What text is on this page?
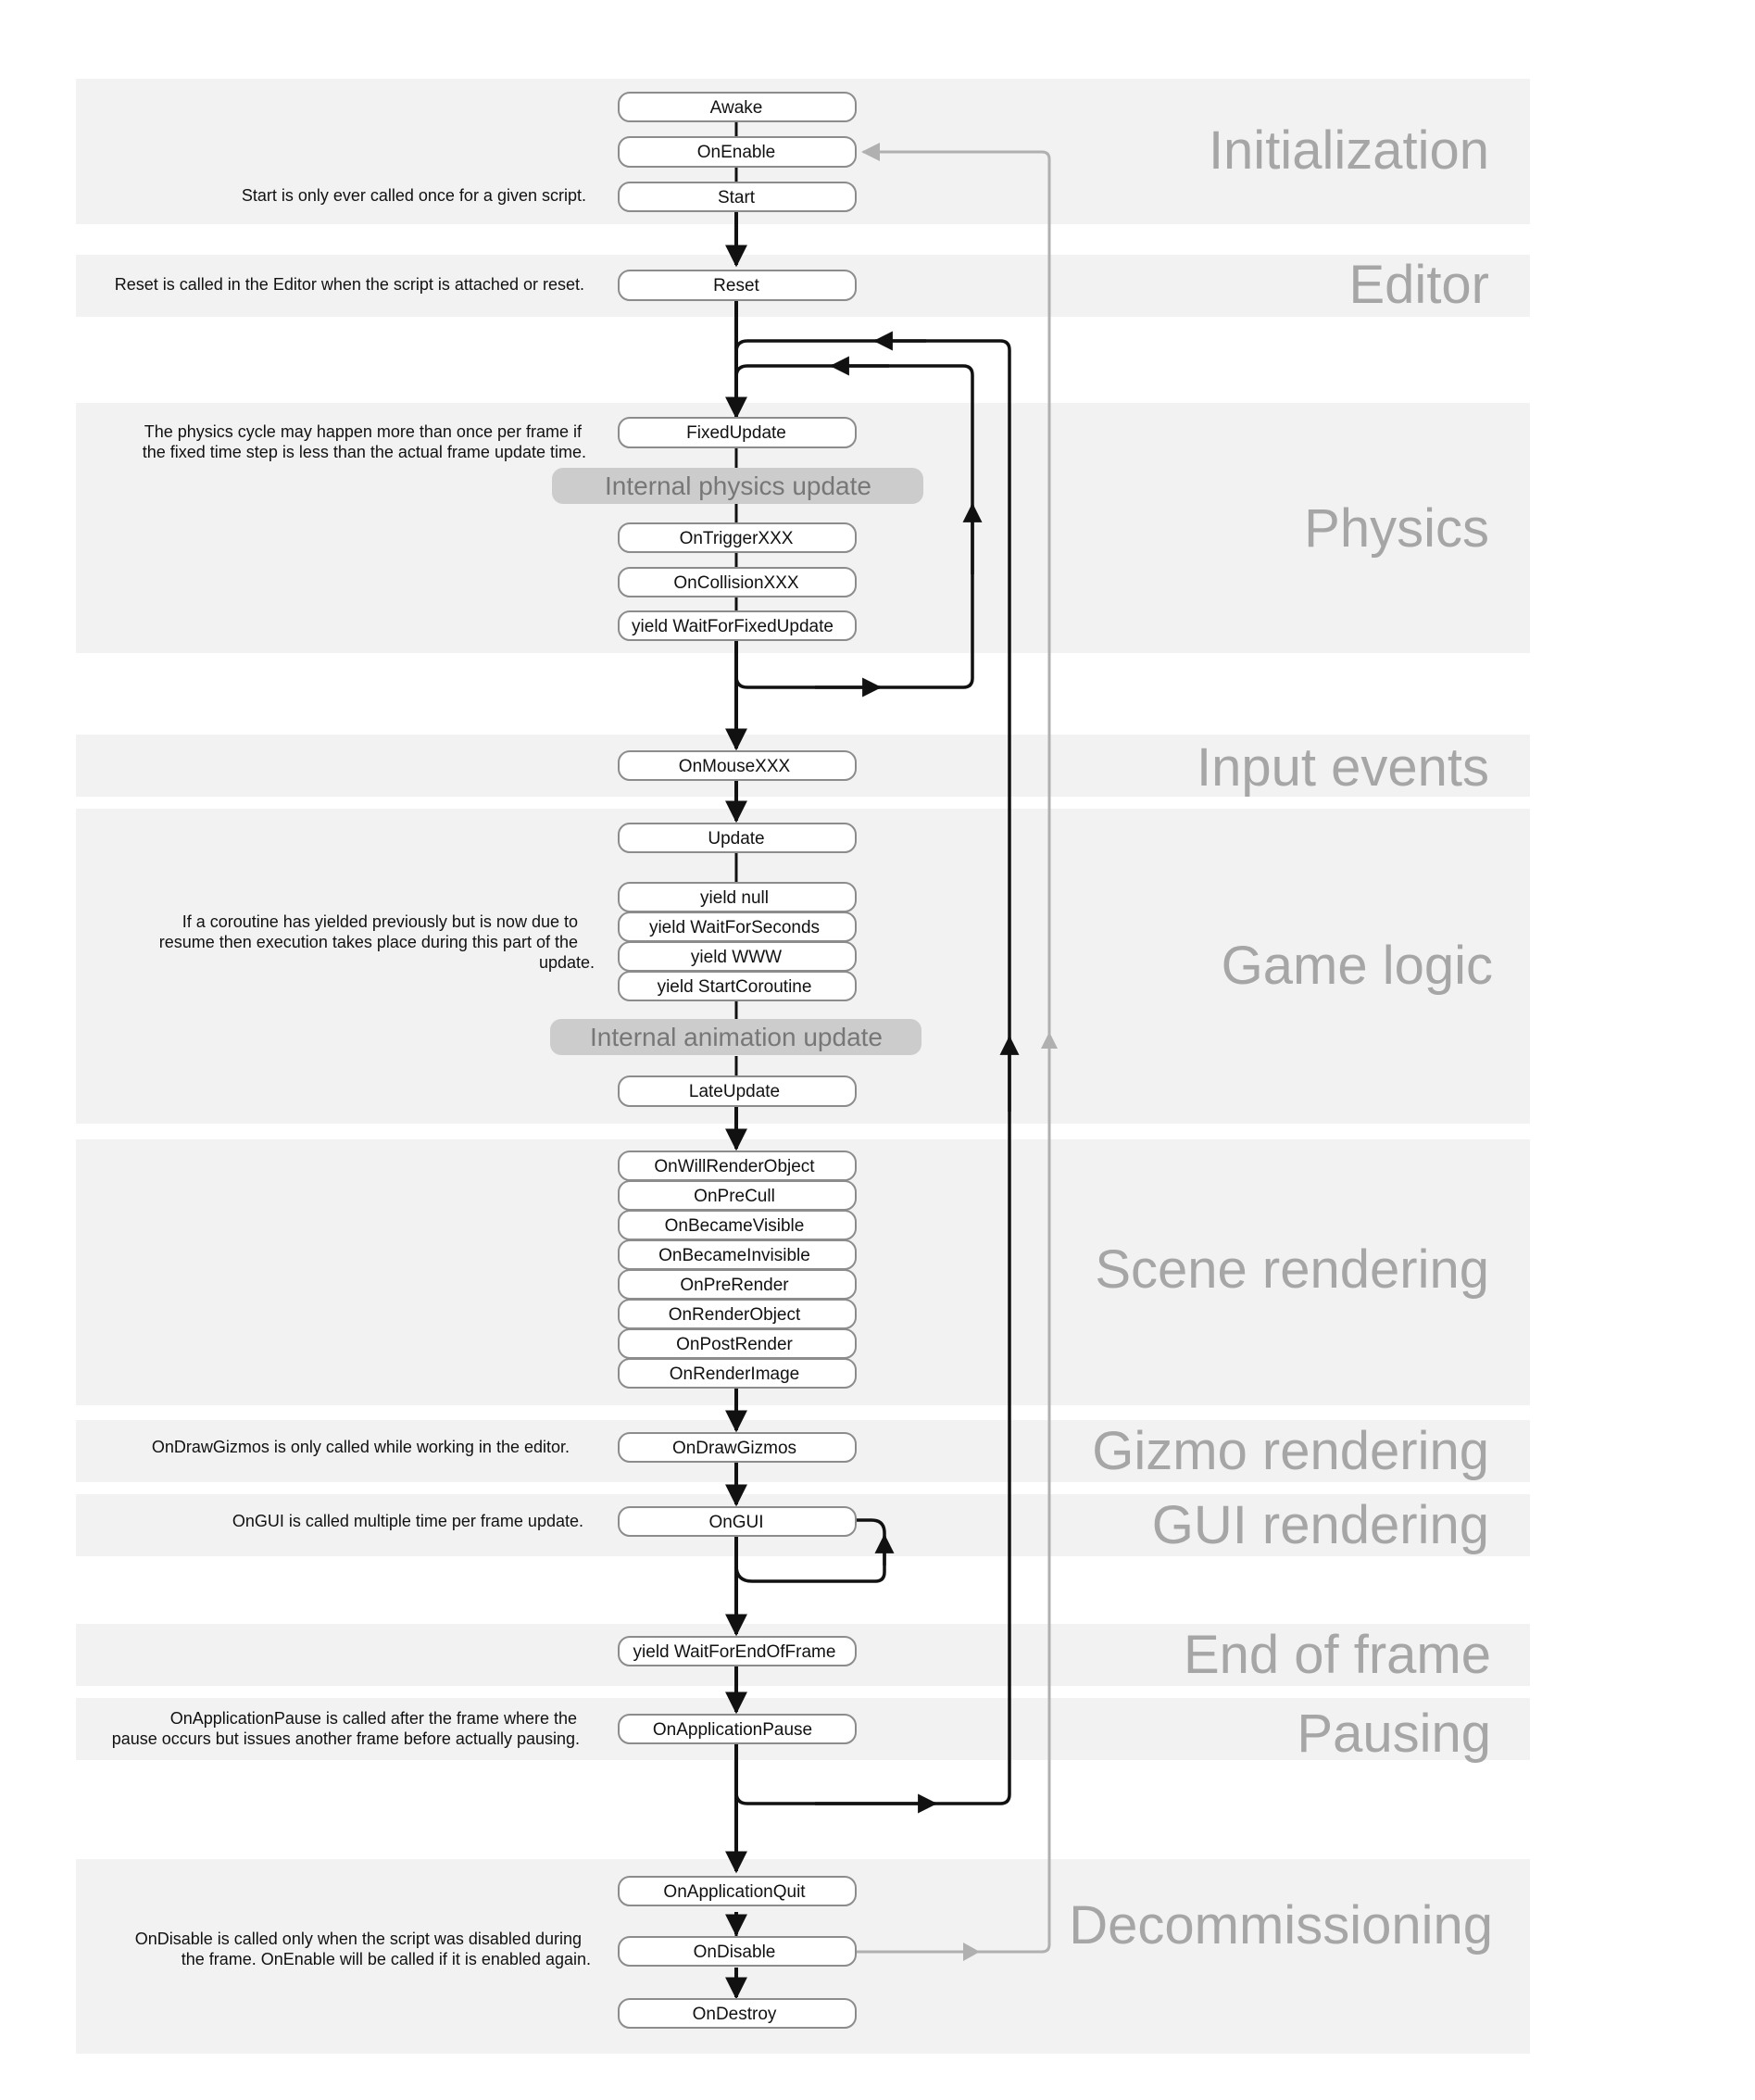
Initialization
Editor
Physics
Input events
Game logic
Scene rendering
Gizmo rendering
GUI rendering
End of frame
Pausing
Decommissioning
Awake
OnEnable
Start
Reset
FixedUpdate
Internal physics update
OnTriggerXXX
OnCollisionXXX
yield WaitForFixedUpdate
OnMouseXXX
Update
yield null
yield WaitForSeconds
yield WWW
yield StartCoroutine
Internal animation update
LateUpdate
OnWillRenderObject
OnPreCull
OnBecameVisible
OnBecameInvisible
OnPreRender
OnRenderObject
OnPostRender
OnRenderImage
OnDrawGizmos
OnGUI
yield WaitForEndOfFrame
OnApplicationPause
OnApplicationQuit
OnDisable
OnDestroy
Start is only ever called once for a given script.
Reset is called in the Editor when the script is attached or reset.
The physics cycle may happen more than once per frame if
the fixed time step is less than the actual frame update time.
If a coroutine has yielded previously but is now due to
resume then execution takes place during this part of the
update.
OnDrawGizmos is only called while working in the editor.
OnGUI is called multiple time per frame update.
OnApplicationPause is called after the frame where the
pause occurs but issues another frame before actually pausing.
OnDisable is called only when the script was disabled during
the frame. OnEnable will be called if it is enabled again.
